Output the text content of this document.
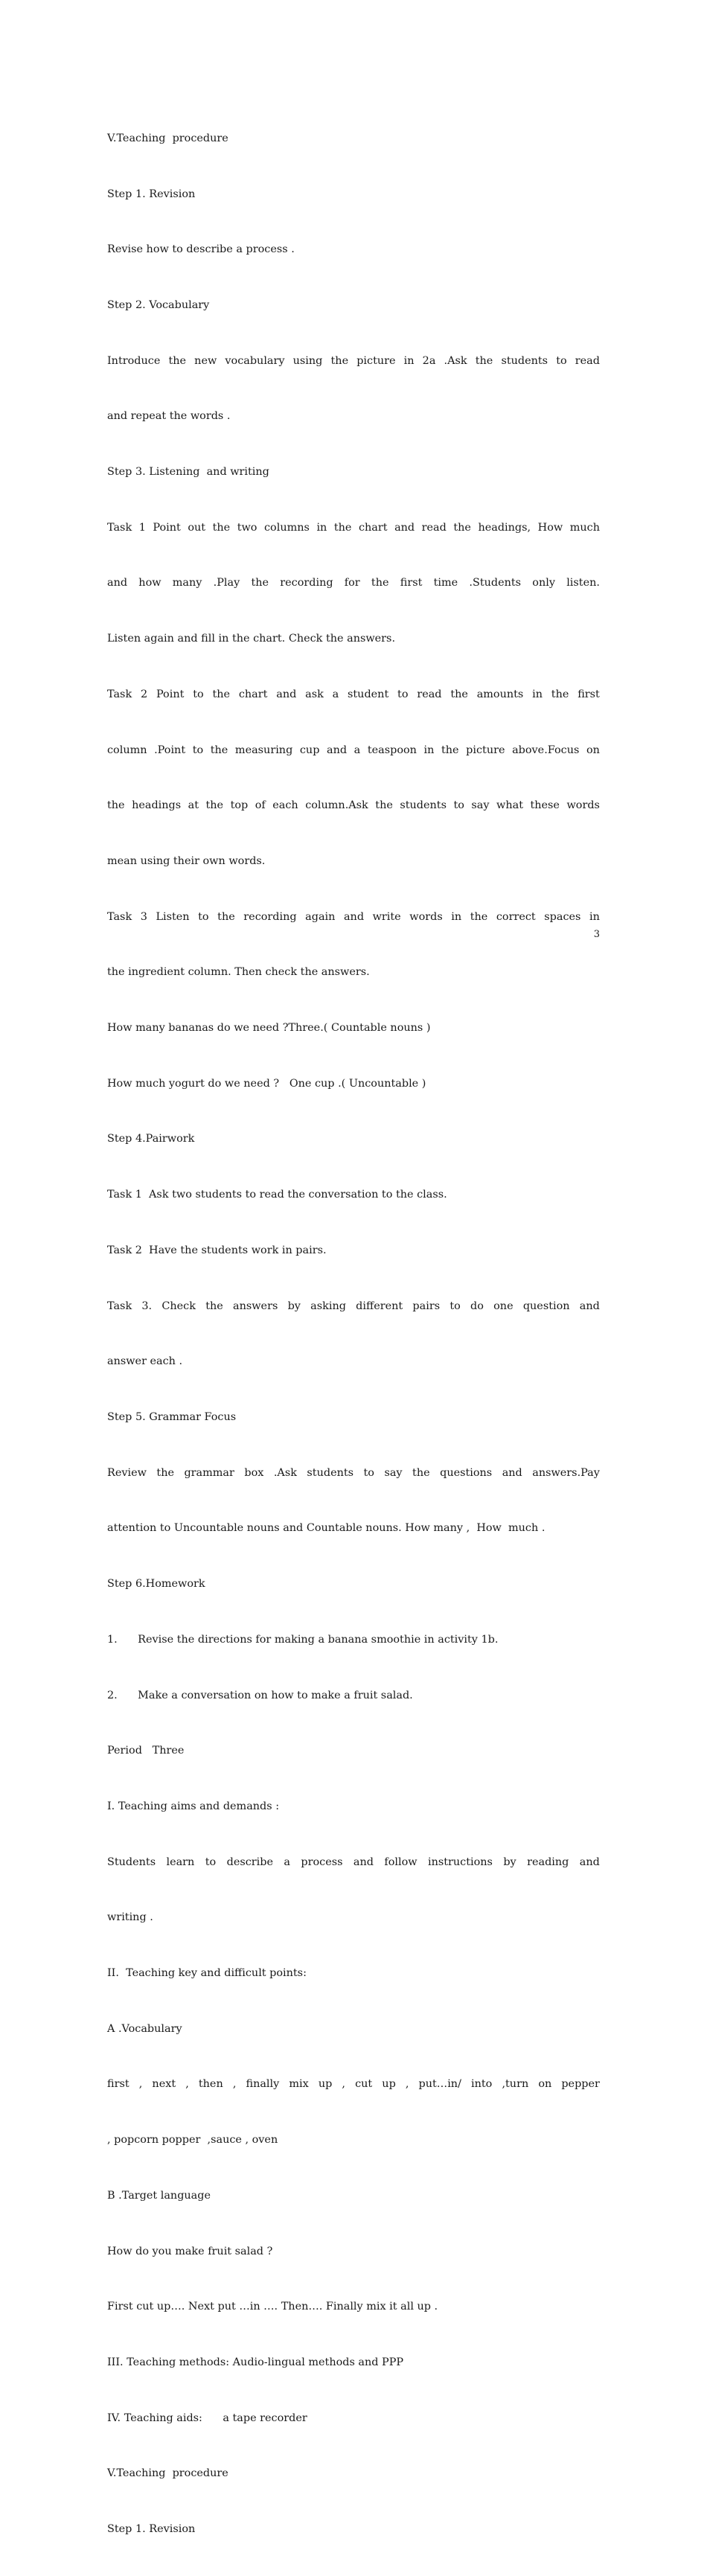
V.Teaching  procedure

Step 1. Revision

Revise how to describe a process .

Step 2. Vocabulary

Introduce the new vocabulary using the picture in 2a .Ask the students to read

and repeat the words .

Step 3. Listening  and writing

Task 1 Point out the two columns in the chart and read the headings, How much

and how many .Play the recording for the first time .Students only listen.

Listen again and fill in the chart. Check the answers.

Task 2 Point to the chart and ask a student to read the amounts in the first

column .Point to the measuring cup and a teaspoon in the picture above.Focus on

the headings at the top of each column.Ask the students to say what these words

mean using their own words.

Task 3 Listen to the recording again and write words in the correct spaces in

the ingredient column. Then check the answers.

How many bananas do we need ?Three.( Countable nouns )

How much yogurt do we need ?   One cup .( Uncountable )

Step 4.Pairwork

Task 1  Ask two students to read the conversation to the class.

Task 2  Have the students work in pairs.

Task 3. Check the answers by asking different pairs to do one question and

answer each .

Step 5. Grammar Focus

Review the grammar box .Ask students to say the questions and answers.Pay

attention to Uncountable nouns and Countable nouns. How many ,  How  much .

Step 6.Homework

1.      Revise the directions for making a banana smoothie in activity 1b.

2.      Make a conversation on how to make a fruit salad.

Period   Three

I. Teaching aims and demands :

Students learn to describe a process and follow instructions by reading and

writing .

II.  Teaching key and difficult points:

A .Vocabulary

first , next , then , finally mix up , cut up , put…in/ into ,turn on pepper

, popcorn popper  ,sauce , oven

B .Target language

How do you make fruit salad ?

First cut up…. Next put …in …. Then…. Finally mix it all up .

III. Teaching methods: Audio-lingual methods and PPP

IV. Teaching aids:      a tape recorder

V.Teaching  procedure

Step 1. Revision

3
